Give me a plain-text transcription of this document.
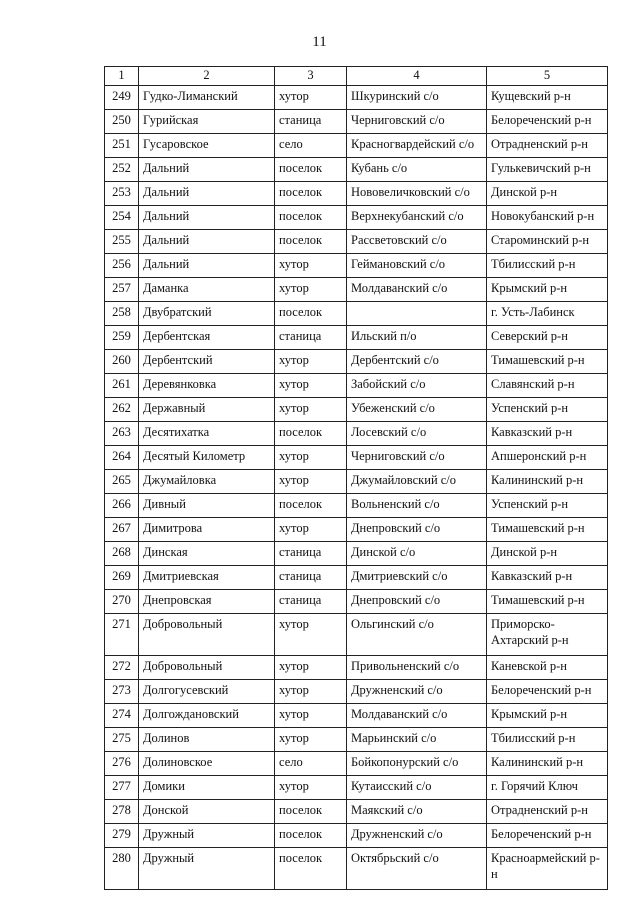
11
1	2	3	4	5
249	Гудко-Лиманский	хутор	Шкуринский с/о	Кущевский р-н
250	Гурийская	станица	Черниговский с/о	Белореченский р-н
251	Гусаровское	село	Красногвардейский с/о	Отрадненский р-н
252	Дальний	поселок	Кубань с/о	Гулькевичский р-н
253	Дальний	поселок	Нововеличковский с/о	Динской р-н
254	Дальний	поселок	Верхнекубанский с/о	Новокубанский р-н
255	Дальний	поселок	Рассветовский с/о	Староминский р-н
256	Дальний	хутор	Геймановский с/о	Тбилисский р-н
257	Даманка	хутор	Молдаванский с/о	Крымский р-н
258	Двубратский	поселок		г. Усть-Лабинск
259	Дербентская	станица	Ильский п/о	Северский р-н
260	Дербентский	хутор	Дербентский с/о	Тимашевский р-н
261	Деревянковка	хутор	Забойский с/о	Славянский р-н
262	Державный	хутор	Убеженский с/о	Успенский р-н
263	Десятихатка	поселок	Лосевский с/о	Кавказский р-н
264	Десятый Километр	хутор	Черниговский с/о	Апшеронский р-н
265	Джумайловка	хутор	Джумайловский с/о	Калининский р-н
266	Дивный	поселок	Вольненский с/о	Успенский р-н
267	Димитрова	хутор	Днепровский с/о	Тимашевский р-н
268	Динская	станица	Динской с/о	Динской р-н
269	Дмитриевская	станица	Дмитриевский с/о	Кавказский р-н
270	Днепровская	станица	Днепровский с/о	Тимашевский р-н
271	Добровольный	хутор	Ольгинский с/о	Приморско-Ахтарский р-н
272	Добровольный	хутор	Привольненский с/о	Каневской р-н
273	Долгогусевский	хутор	Дружненский с/о	Белореченский р-н
274	Долгождановский	хутор	Молдаванский с/о	Крымский р-н
275	Долинов	хутор	Марьинский с/о	Тбилисский р-н
276	Долиновское	село	Бойкопонурский с/о	Калининский р-н
277	Домики	хутор	Кутаисский с/о	г. Горячий Ключ
278	Донской	поселок	Маякский с/о	Отрадненский р-н
279	Дружный	поселок	Дружненский с/о	Белореченский р-н
280	Дружный	поселок	Октябрьский с/о	Красноармейский р-н
